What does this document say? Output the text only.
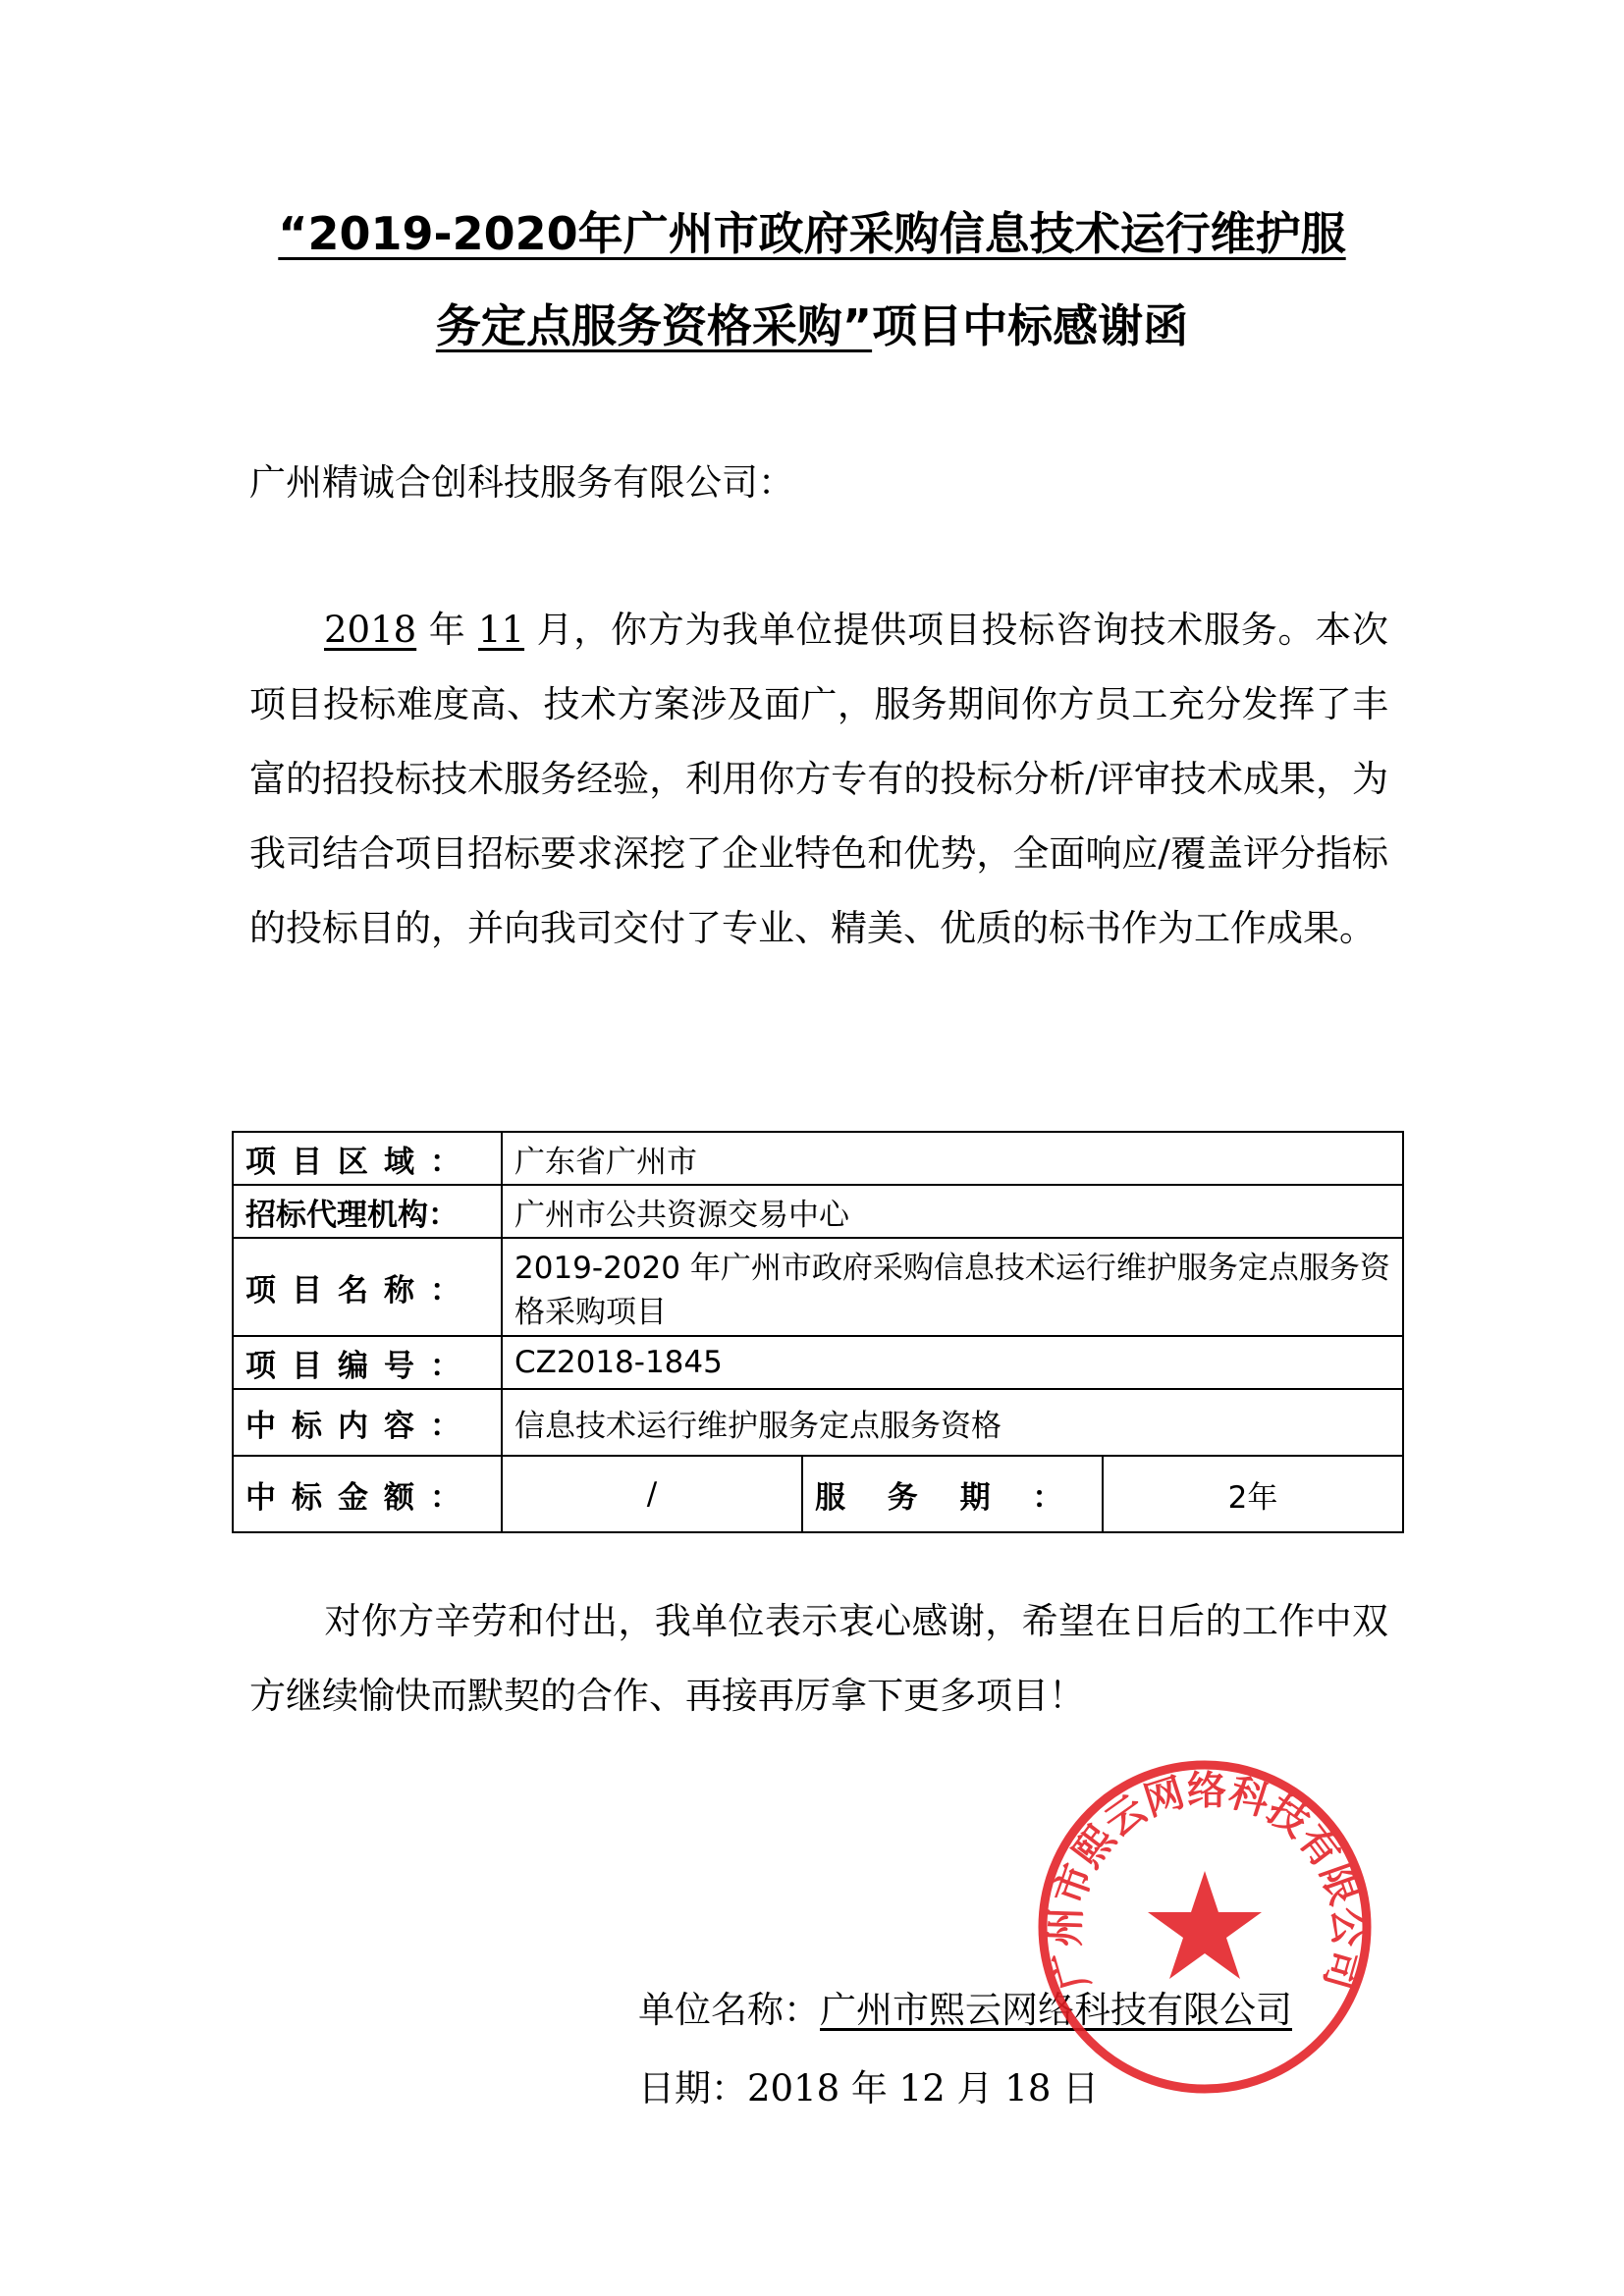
“2019-2020年广州市政府采购信息技术运行维护服
务定点服务资格采购”项目中标感谢函
广州精诚合创科技服务有限公司：
2018 年 11 月，你方为我单位提供项目投标咨询技术服务。本次项目投标难度高、技术方案涉及面广，服务期间你方员工充分发挥了丰富的招投标技术服务经验，利用你方专有的投标分析/评审技术成果，为我司结合项目招标要求深挖了企业特色和优势，全面响应/覆盖评分指标的投标目的，并向我司交付了专业、精美、优质的标书作为工作成果。
项目区域：	广东省广州市		
招标代理机构：	广州市公共资源交易中心		
项目名称：	2019-2020 年广州市政府采购信息技术运行维护服务定点服务资格采购项目		
项目编号：	CZ2018-1845		
中标内容：	信息技术运行维护服务定点服务资格		
中标金额：	/	服 务 期 ：	2年
对你方辛劳和付出，我单位表示衷心感谢，希望在日后的工作中双方继续愉快而默契的合作、再接再厉拿下更多项目！
单位名称：广州市熙云网络科技有限公司
日期：2018 年 12 月 18 日
广州市熙云网络科技有限公司
